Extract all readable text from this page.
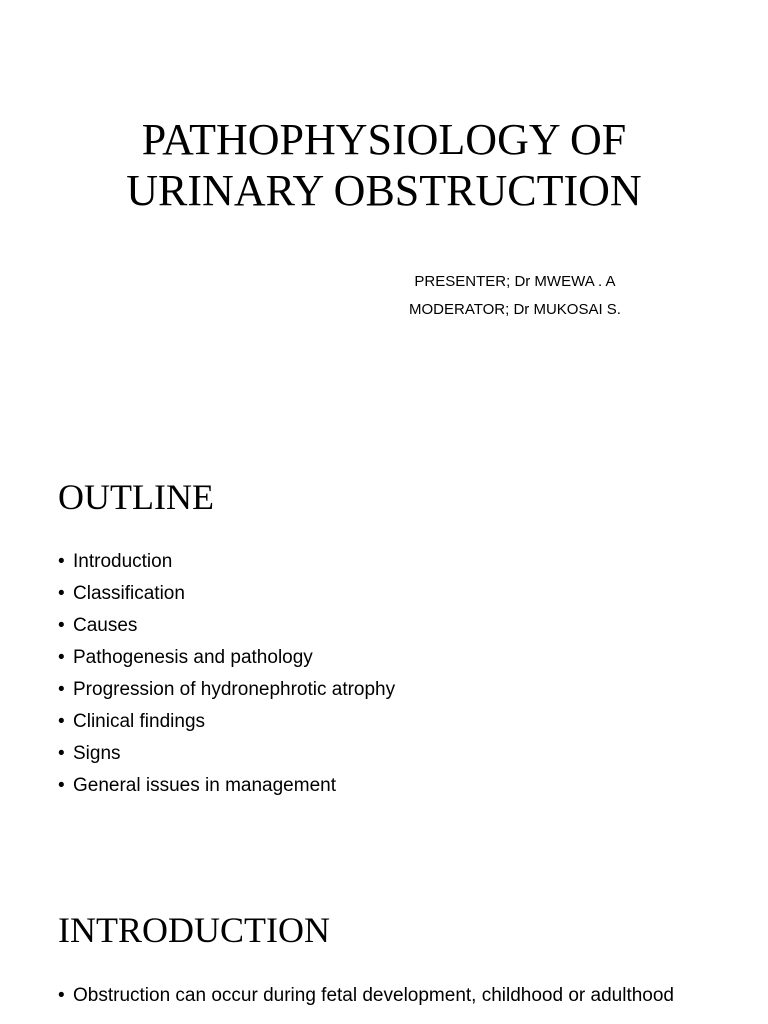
PATHOPHYSIOLOGY OF
URINARY OBSTRUCTION
PRESENTER; Dr MWEWA . A
MODERATOR; Dr MUKOSAI S.
OUTLINE
• Introduction
• Classification
• Causes
• Pathogenesis and pathology
• Progression of hydronephrotic atrophy
• Clinical findings
• Signs
• General issues in management
INTRODUCTION
• Obstruction can occur during fetal development, childhood or adulthood
